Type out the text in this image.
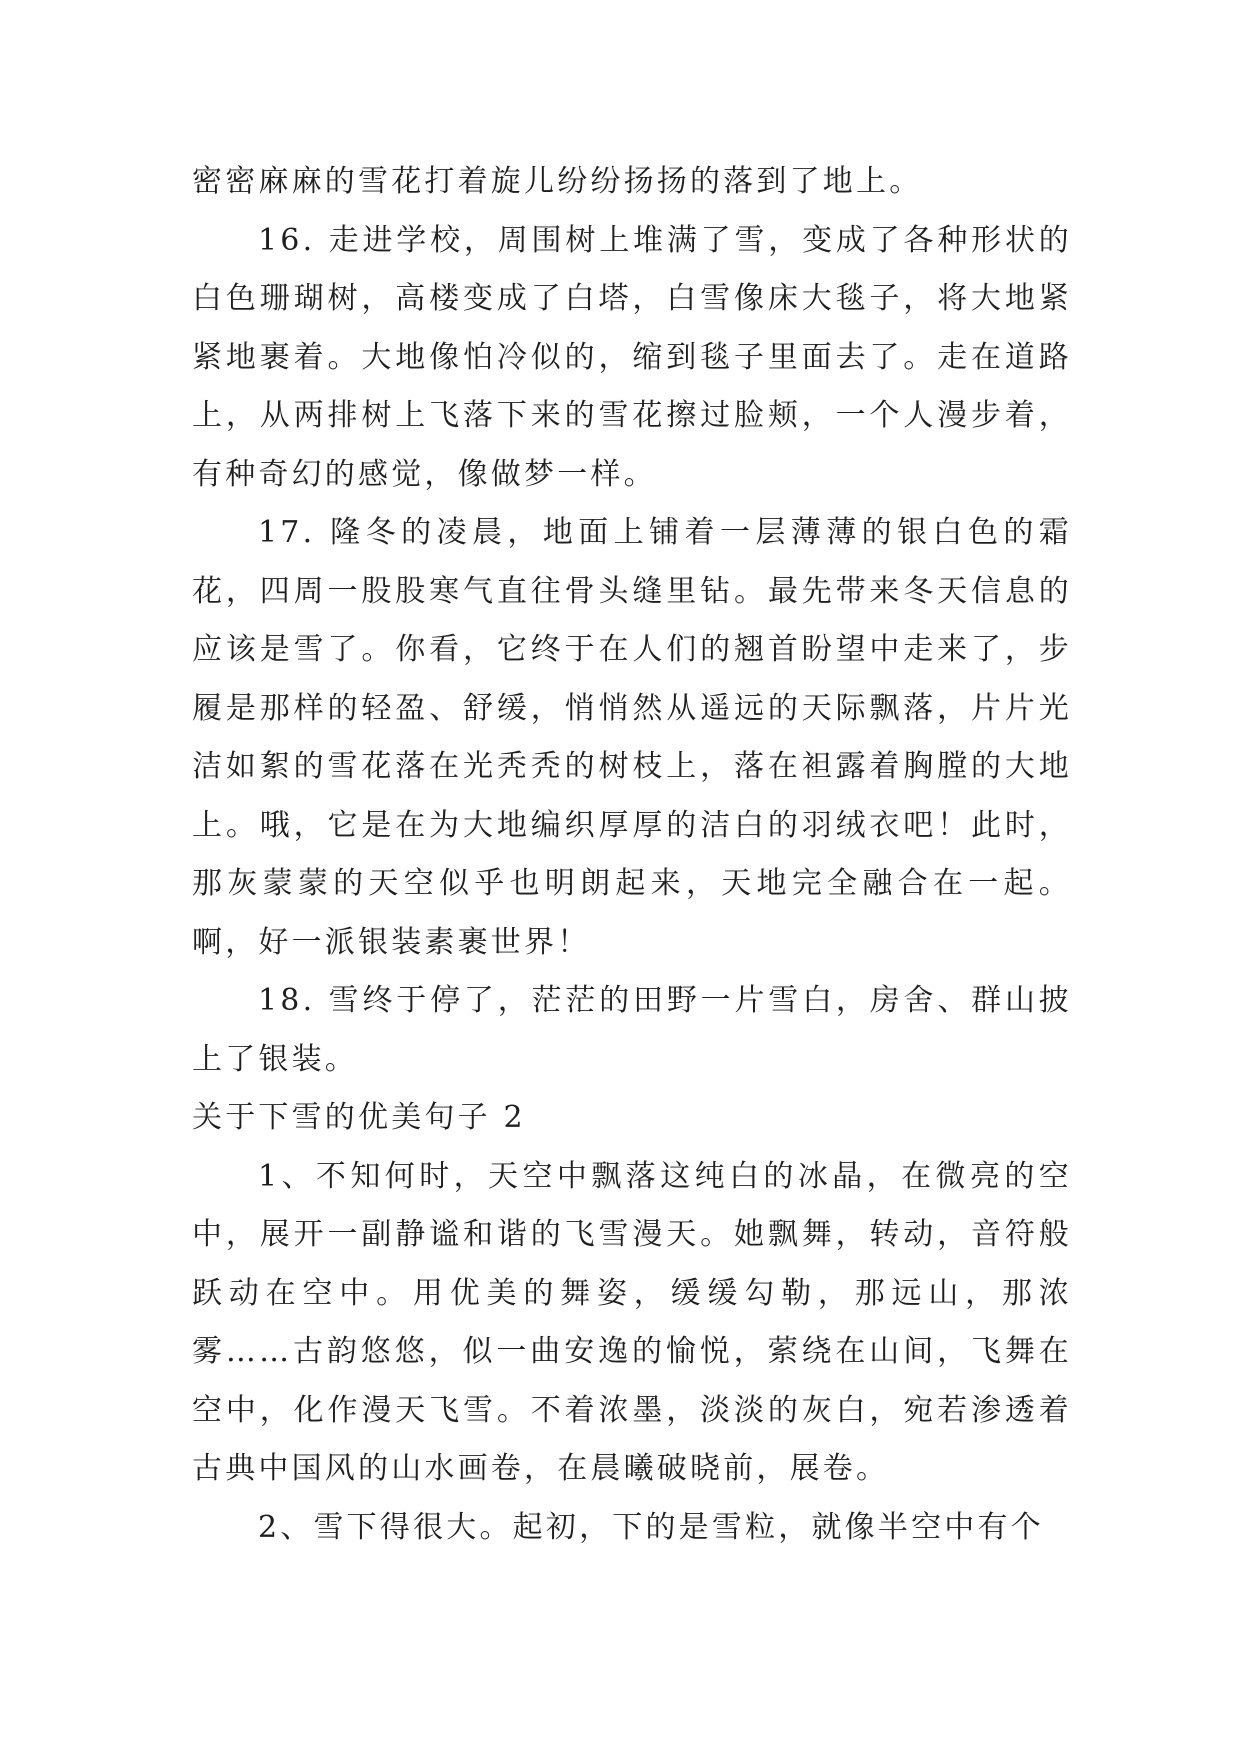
密密麻麻的雪花打着旋儿纷纷扬扬的落到了地上。

16. 走进学校，周围树上堆满了雪，变成了各种形状的白色珊瑚树，高楼变成了白塔，白雪像床大毯子，将大地紧紧地裹着。大地像怕冷似的，缩到毯子里面去了。走在道路上，从两排树上飞落下来的雪花擦过脸颊，一个人漫步着，有种奇幻的感觉，像做梦一样。

17. 隆冬的凌晨，地面上铺着一层薄薄的银白色的霜花，四周一股股寒气直往骨头缝里钻。最先带来冬天信息的应该是雪了。你看，它终于在人们的翘首盼望中走来了，步履是那样的轻盈、舒缓，悄悄然从遥远的天际飘落，片片光洁如絮的雪花落在光秃秃的树枝上，落在袒露着胸膛的大地上。哦，它是在为大地编织厚厚的洁白的羽绒衣吧！此时，那灰蒙蒙的天空似乎也明朗起来，天地完全融合在一起。啊，好一派银装素裹世界！

18. 雪终于停了，茫茫的田野一片雪白，房舍、群山披上了银装。

关于下雪的优美句子 2

1、不知何时，天空中飘落这纯白的冰晶，在微亮的空中，展开一副静谧和谐的飞雪漫天。她飘舞，转动，音符般跃动在空中。用优美的舞姿，缓缓勾勒，那远山，那浓雾……古韵悠悠，似一曲安逸的愉悦，萦绕在山间，飞舞在空中，化作漫天飞雪。不着浓墨，淡淡的灰白，宛若渗透着古典中国风的山水画卷，在晨曦破晓前，展卷。

2、雪下得很大。起初，下的是雪粒，就像半空中有个
